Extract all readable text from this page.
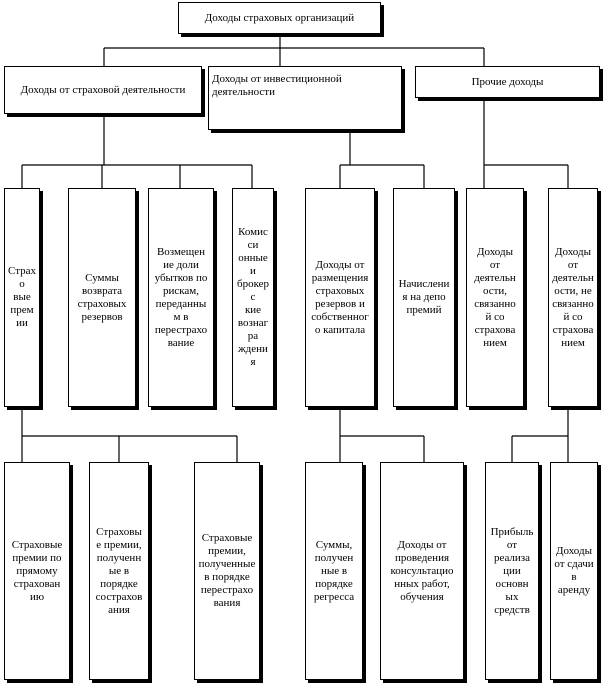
Доходы страховых организаций
Доходы от страховой деятельности
Доходы от инвестиционной деятельности
Прочие доходы
Страхо
вые
премии
Суммы
возврата
страховых
резервов
Возмещен
ие доли
убытков по
рискам,
переданны
м в
перестрахо
вание
Комисси
онные и
брокерс
кие
вознагра
ждения
Доходы от
размещения
страховых
резервов и
собственног
о капитала
Начислени
я на депо
премий
Доходы
от
деятельн
ости,
связанно
й со
страхова
нием
Доходы
от
деятельн
ости, не
связанно
й со
страхова
нием
Страховые
премии по
прямому
страхован
ию
Страховы
е премии,
полученн
ые в
порядке
сострахов
ания
Страховые
премии,
полученные
в порядке
перестрахо
вания
Суммы,
получен
ные в
порядке
регресса
Доходы от
проведения
консультацио
нных работ,
обучения
Прибыль
от
реализа
ции
основн
ых
средств
Доходы
от сдачи
в аренду
